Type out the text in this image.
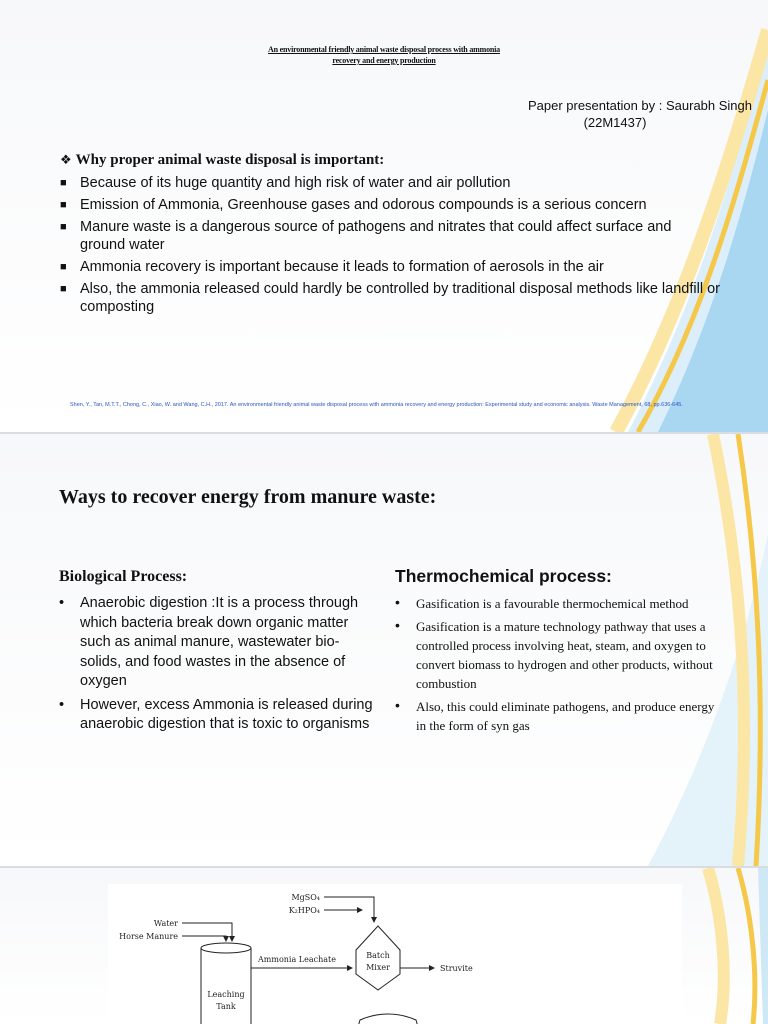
An environmental friendly animal waste disposal process with ammonia
recovery and energy production
Paper presentation by : Saurabh Singh
(22M1437)
❖ Why proper animal waste disposal is important:
■ Because of its huge quantity and high risk of water and air pollution
■ Emission of Ammonia, Greenhouse gases and odorous compounds is a serious concern
■ Manure waste is a dangerous source of pathogens and nitrates that could affect surface and ground water
■ Ammonia recovery is important because it leads to formation of aerosols in the air
■ Also, the ammonia released could hardly be controlled by traditional disposal methods like landfill or composting
Shen, Y., Tan, M.T.T., Chong, C., Xiao, W. and Wang, C.H., 2017. An environmental friendly animal waste disposal process with ammonia recovery and energy production: Experimental study and economic analysis. Waste Management, 68, pp.636-645.
Ways to recover energy from manure waste:
Biological Process:
• Anaerobic digestion :It is a process through which bacteria break down organic matter such as animal manure, wastewater bio-solids, and food wastes in the absence of oxygen
• However, excess Ammonia is released during anaerobic digestion that is toxic to organisms
Thermochemical process:
• Gasification is a favourable thermochemical method
• Gasification is a mature technology pathway that uses a controlled process involving heat, steam, and oxygen to convert biomass to hydrogen and other products, without combustion
• Also, this could eliminate pathogens, and produce energy in the form of syn gas
Water
Horse Manure
Leaching
Tank
Ammonia Leachate
MgSO₄
K₂HPO₄
Batch
Mixer	Struvite
